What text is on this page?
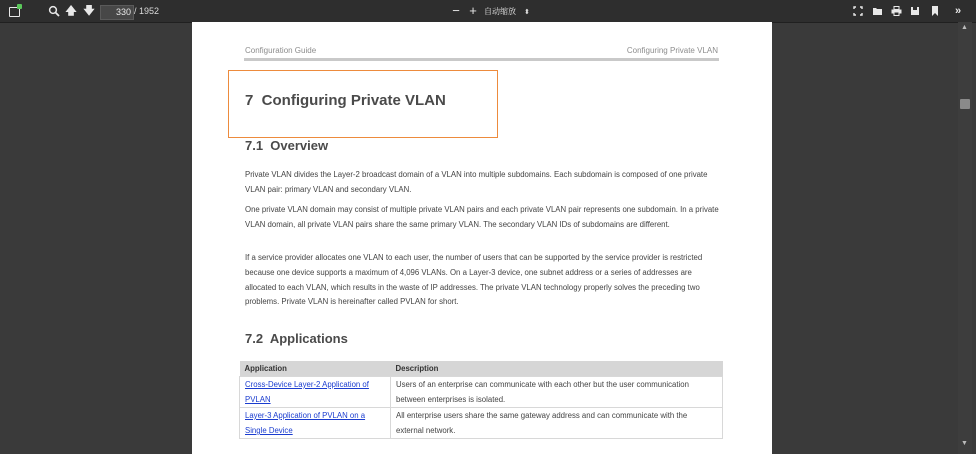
🡅 🡇	330 / 1952	− + 自动缩放 ⬍	»
▲
▼
Configuration Guide	Configuring Private VLAN
7  Configuring Private VLAN
7.1  Overview
Private VLAN divides the Layer-2 broadcast domain of a VLAN into multiple subdomains. Each subdomain is composed of one private VLAN pair: primary VLAN and secondary VLAN.
One private VLAN domain may consist of multiple private VLAN pairs and each private VLAN pair represents one subdomain. In a private VLAN domain, all private VLAN pairs share the same primary VLAN. The secondary VLAN IDs of subdomains are different.
If a service provider allocates one VLAN to each user, the number of users that can be supported by the service provider is restricted because one device supports a maximum of 4,096 VLANs. On a Layer-3 device, one subnet address or a series of addresses are allocated to each VLAN, which results in the waste of IP addresses. The private VLAN technology properly solves the preceding two problems. Private VLAN is hereinafter called PVLAN for short.
7.2  Applications
Application	Description
Cross-Device Layer-2 Application of PVLAN	Users of an enterprise can communicate with each other but the user communication between enterprises is isolated.
Layer-3 Application of PVLAN on a Single Device	All enterprise users share the same gateway address and can communicate with the external network.
